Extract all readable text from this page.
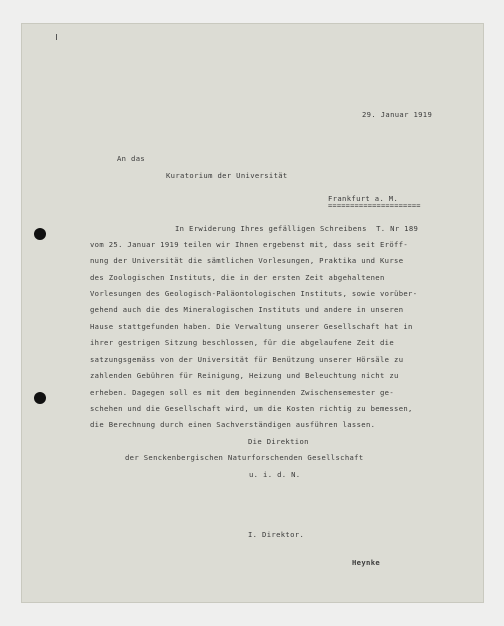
29. Januar 1919
An das
Kuratorium der Universität
Frankfurt a. M.
=====================
In Erwiderung Ihres gefälligen Schreibens  T. Nr 189
vom 25. Januar 1919 teilen wir Ihnen ergebenst mit, dass seit Eröff-
nung der Universität die sämtlichen Vorlesungen, Praktika und Kurse
des Zoologischen Instituts, die in der ersten Zeit abgehaltenen
Vorlesungen des Geologisch-Paläontologischen Instituts, sowie vorüber-
gehend auch die des Mineralogischen Instituts und andere in unseren
Hause stattgefunden haben. Die Verwaltung unserer Gesellschaft hat in
ihrer gestrigen Sitzung beschlossen, für die abgelaufene Zeit die
satzungsgemäss von der Universität für Benützung unserer Hörsäle zu
zahlenden Gebühren für Reinigung, Heizung und Beleuchtung nicht zu
erheben. Dagegen soll es mit dem beginnenden Zwischensemester ge-
schehen und die Gesellschaft wird, um die Kosten richtig zu bemessen,
die Berechnung durch einen Sachverständigen ausführen lassen.
Die Direktion
der Senckenbergischen Naturforschenden Gesellschaft
u. i. d. N.
I. Direktor.
Heynke
